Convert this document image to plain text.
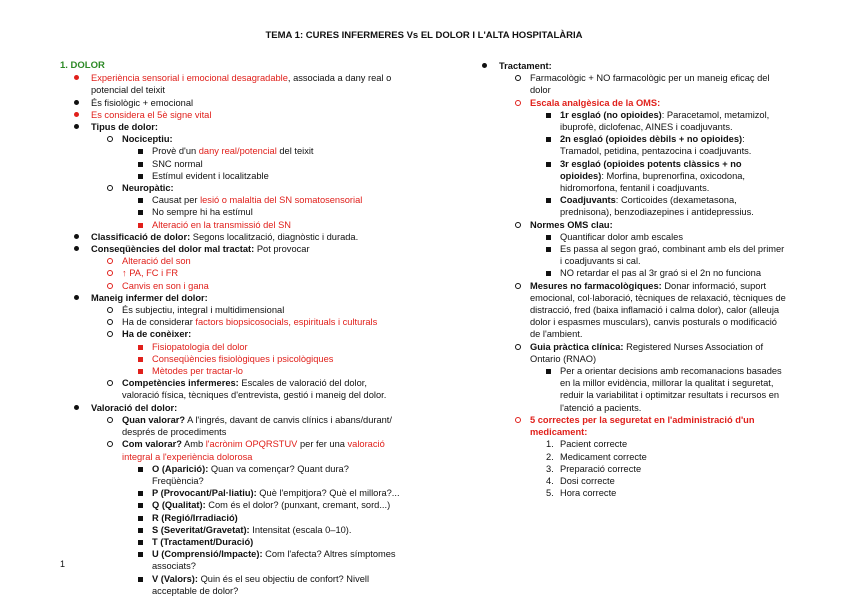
TEMA 1: CURES INFERMERES Vs EL DOLOR I L'ALTA HOSPITALÀRIA
1. DOLOR
Experiència sensorial i emocional desagradable, associada a dany real o potencial del teixit
És fisiològic + emocional
Es considera el 5è signe vital
Tipus de dolor:
Nociceptiu:
Provè d'un dany real/potencial del teixit
SNC normal
Estímul evident i localitzable
Neuropàtic:
Causat per lesió o malaltia del SN somatosensorial
No sempre hi ha estímul
Alteració en la transmissió del SN
Classificació de dolor: Segons localització, diagnòstic i durada.
Conseqüències del dolor mal tractat: Pot provocar
Alteració del son
↑ PA, FC i FR
Canvis en son i gana
Maneig infermer del dolor:
És subjectiu, integral i multidimensional
Ha de considerar factors biopsicosocials, espirituals i culturals
Ha de conèixer:
Fisiopatologia del dolor
Conseqüències fisiològiques i psicològiques
Mètodes per tractar-lo
Competències infermeres: Escales de valoració del dolor, valoració física, tècniques d'entrevista, gestió i maneig del dolor.
Valoració del dolor:
Quan valorar? A l'ingrés, davant de canvis clínics i abans/durant/ després de procediments
Com valorar? Amb l'acrònim OPQRSTUV per fer una valoració integral a l'experiència dolorosa
O (Aparició): Quan va començar? Quant dura? Freqüència?
P (Provocant/Pal·liatiu): Què l'empitjora? Què el millora?...
Q (Qualitat): Com és el dolor? (punxant, cremant, sord...)
R (Regió/Irradiació)
S (Severitat/Gravetat): Intensitat (escala 0–10).
T (Tractament/Duració)
U (Comprensió/Impacte): Com l'afecta? Altres símptomes associats?
V (Valors): Quin és el seu objectiu de confort? Nivell acceptable de dolor?
Tractament:
Farmacològic + NO farmacològic per un maneig eficaç del dolor
Escala analgèsica de la OMS:
1r esglaó (no opioides): Paracetamol, metamizol, ibuprofè, diclofenac, AINES i coadjuvants.
2n esglaó (opioides dèbils + no opioides): Tramadol, petidina, pentazocina i coadjuvants.
3r esglaó (opioides potents clàssics + no opioides): Morfina, buprenorfina, oxicodona, hidromorfona, fentanil i coadjuvants.
Coadjuvants: Corticoides (dexametasona, prednisona), benzodiazepines i antidepressius.
Normes OMS clau:
Quantificar dolor amb escales
Es passa al segon graó, combinant amb els del primer i coadjuvants si cal.
NO retardar el pas al 3r graó si el 2n no funciona
Mesures no farmacològiques: Donar informació, suport emocional, col·laboració, tècniques de relaxació, tècniques de distracció, fred (baixa inflamació i calma dolor), calor (alleuja dolor i espasmes musculars), canvis posturals o modificació de l'ambient.
Guia pràctica clínica: Registered Nurses Association of Ontario (RNAO)
Per a orientar decisions amb recomanacions basades en la millor evidència, millorar la qualitat i seguretat, reduir la variabilitat i optimitzar resultats i recursos en l'atenció a pacients.
5 correctes per la seguretat en l'administració d'un medicament:
1. Pacient correcte
2. Medicament correcte
3. Preparació correcte
4. Dosi correcte
5. Hora correcte
1
